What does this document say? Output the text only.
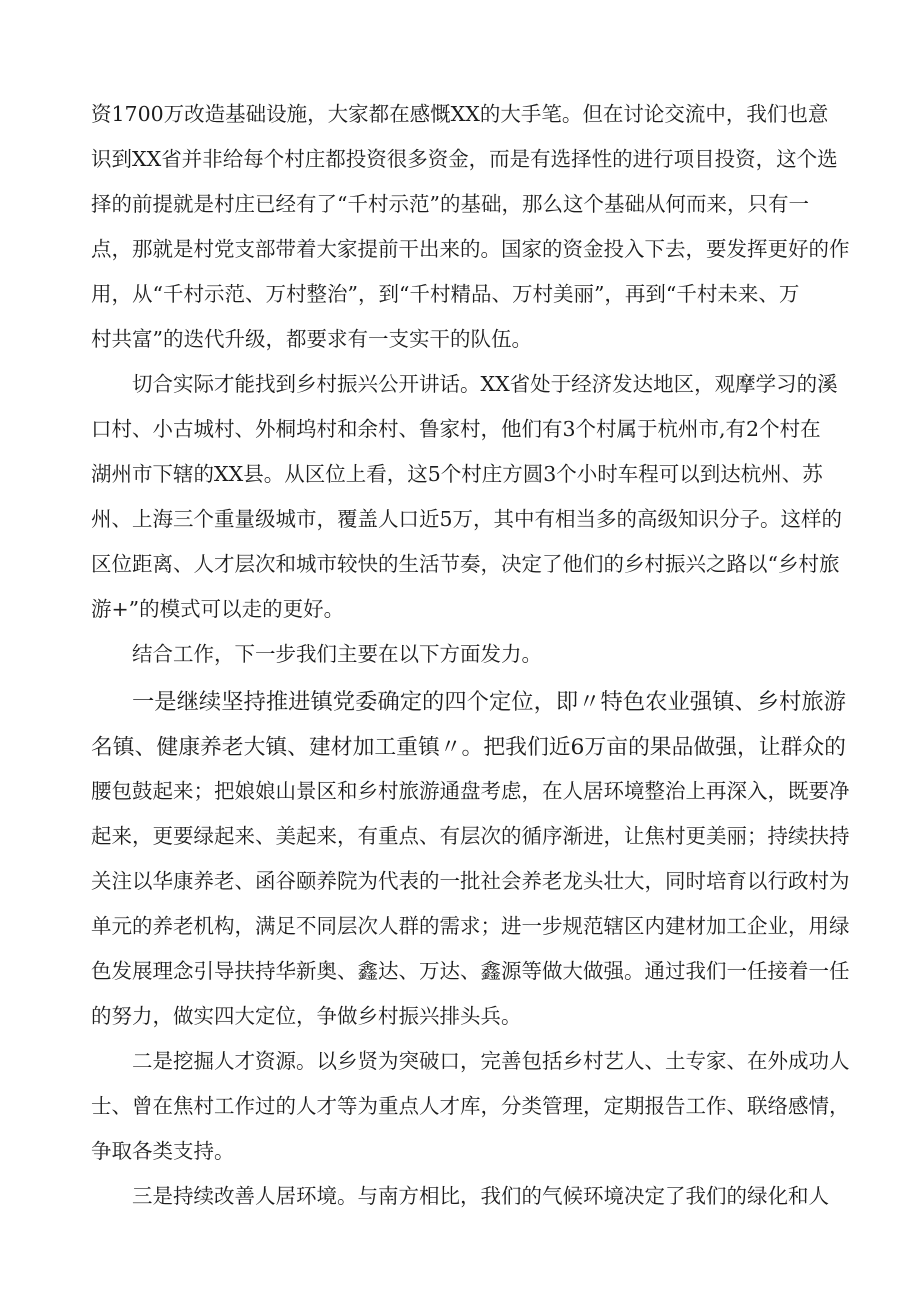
资1700万改造基础设施，大家都在感慨XX的大手笔。但在讨论交流中，我们也意
识到XX省并非给每个村庄都投资很多资金，而是有选择性的进行项目投资，这个选
择的前提就是村庄已经有了“千村示范”的基础，那么这个基础从何而来，只有一
点，那就是村党支部带着大家提前干出来的。国家的资金投入下去，要发挥更好的作
用，从“千村示范、万村整治”，到“千村精品、万村美丽”，再到“千村未来、万
村共富”的迭代升级，都要求有一支实干的队伍。
切合实际才能找到乡村振兴公开讲话。XX省处于经济发达地区，观摩学习的溪
口村、小古城村、外桐坞村和余村、鲁家村，他们有3个村属于杭州市,有2个村在
湖州市下辖的XX县。从区位上看，这5个村庄方圆3个小时车程可以到达杭州、苏
州、上海三个重量级城市，覆盖人口近5万，其中有相当多的高级知识分子。这样的
区位距离、人才层次和城市较快的生活节奏，决定了他们的乡村振兴之路以“乡村旅
游+”的模式可以走的更好。
结合工作，下一步我们主要在以下方面发力。
一是继续坚持推进镇党委确定的四个定位，即〃特色农业强镇、乡村旅游
名镇、健康养老大镇、建材加工重镇〃。把我们近6万亩的果品做强，让群众的
腰包鼓起来；把娘娘山景区和乡村旅游通盘考虑，在人居环境整治上再深入，既要净
起来，更要绿起来、美起来，有重点、有层次的循序渐进，让焦村更美丽；持续扶持
关注以华康养老、函谷颐养院为代表的一批社会养老龙头壮大，同时培育以行政村为
单元的养老机构，满足不同层次人群的需求；进一步规范辖区内建材加工企业，用绿
色发展理念引导扶持华新奥、鑫达、万达、鑫源等做大做强。通过我们一任接着一任
的努力，做实四大定位，争做乡村振兴排头兵。
二是挖掘人才资源。以乡贤为突破口，完善包括乡村艺人、土专家、在外成功人
士、曾在焦村工作过的人才等为重点人才库，分类管理，定期报告工作、联络感情，
争取各类支持。
三是持续改善人居环境。与南方相比，我们的气候环境决定了我们的绿化和人
